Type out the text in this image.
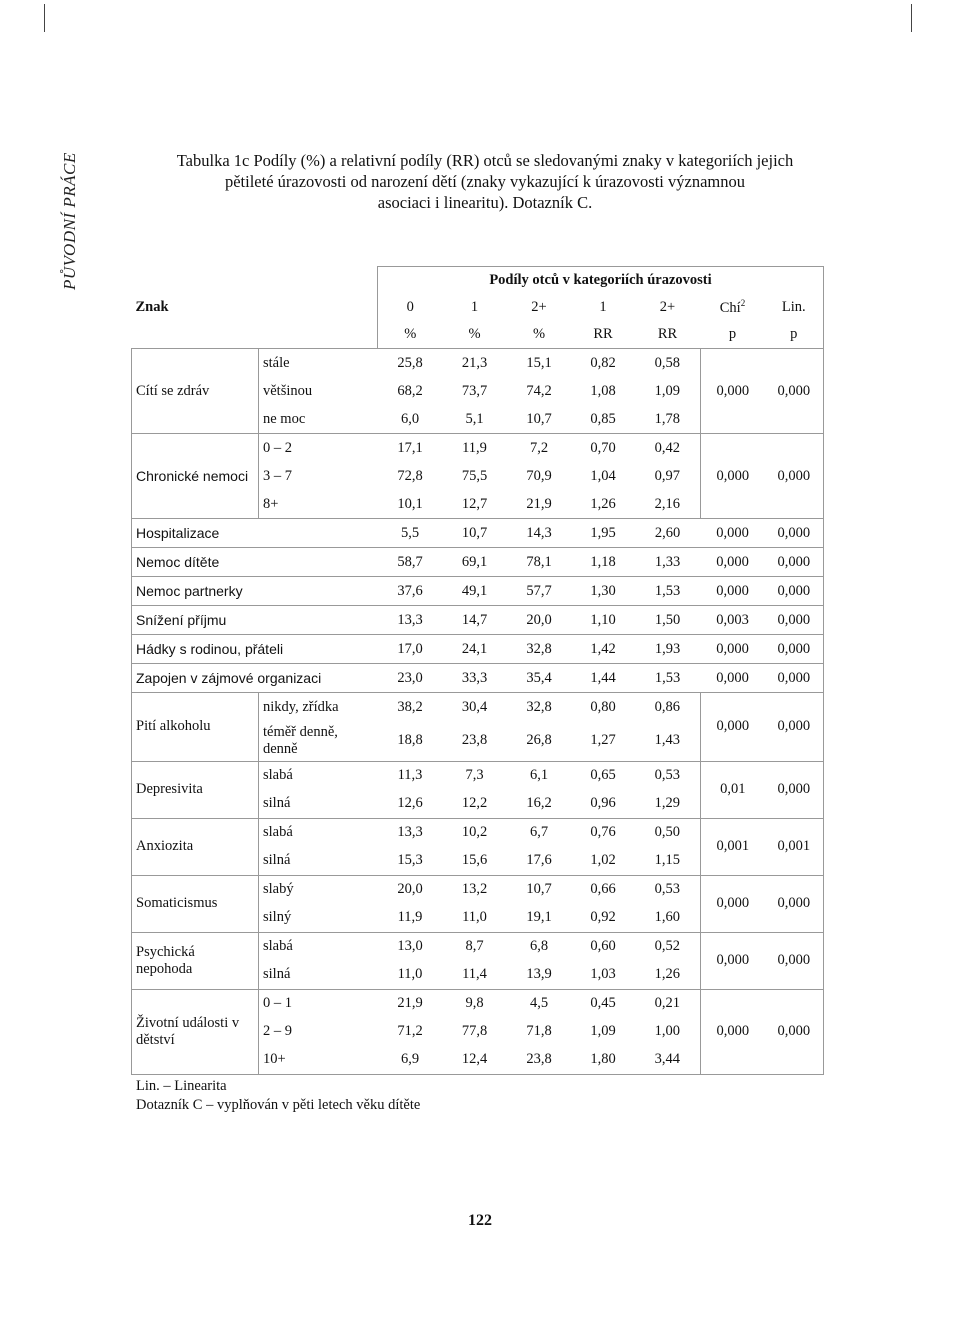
PŮVODNÍ PRÁCE	Tabulka 1c Podíly (%) a relativní podíly (RR) otců se sledovanými znaky v kategoriích jejich
pětileté úrazovosti od narození dětí (znaky vykazující k úrazovosti významnou
asociaci i linearitu). Dotazník C.
		Podíly otců v kategoriích úrazovosti						
Znak		0	1	2+	1	2+	Chí$^2$	Lin.
		%	%	%	RR	RR	p	p
Cítí se zdráv	stále	25,8	21,3	15,1	0,82	0,58	0,000	0,000
	většinou	68,2	73,7	74,2	1,08	1,09		
	ne moc	6,0	5,1	10,7	0,85	1,78		
Chronické nemoci	0 – 2	17,1	11,9	7,2	0,70	0,42	0,000	0,000
	3 – 7	72,8	75,5	70,9	1,04	0,97		
	8+	10,1	12,7	21,9	1,26	2,16		
Hospitalizace		5,5	10,7	14,3	1,95	2,60	0,000	0,000
Nemoc dítěte		58,7	69,1	78,1	1,18	1,33	0,000	0,000
Nemoc partnerky		37,6	49,1	57,7	1,30	1,53	0,000	0,000
Snížení příjmu		13,3	14,7	20,0	1,10	1,50	0,003	0,000
Hádky s rodinou, přáteli		17,0	24,1	32,8	1,42	1,93	0,000	0,000
Zapojen v zájmové organizaci		23,0	33,3	35,4	1,44	1,53	0,000	0,000
Pití alkoholu	nikdy, zřídka	38,2	30,4	32,8	0,80	0,86	0,000	0,000
	téměř denně, denně	18,8	23,8	26,8	1,27	1,43		
Depresivita	slabá	11,3	7,3	6,1	0,65	0,53	0,01	0,000
	silná	12,6	12,2	16,2	0,96	1,29		
Anxiozita	slabá	13,3	10,2	6,7	0,76	0,50	0,001	0,001
	silná	15,3	15,6	17,6	1,02	1,15		
Somaticismus	slabý	20,0	13,2	10,7	0,66	0,53	0,000	0,000
	silný	11,9	11,0	19,1	0,92	1,60		
Psychická nepohoda	slabá	13,0	8,7	6,8	0,60	0,52	0,000	0,000
	silná	11,0	11,4	13,9	1,03	1,26		
Životní události v dětství	0 – 1	21,9	9,8	4,5	0,45	0,21	0,000	0,000
	2 – 9	71,2	77,8	71,8	1,09	1,00		
	10+	6,9	12,4	23,8	1,80	3,44		
Lin. – Linearita
Dotazník C – vyplňován v pěti letech věku dítěte
122
